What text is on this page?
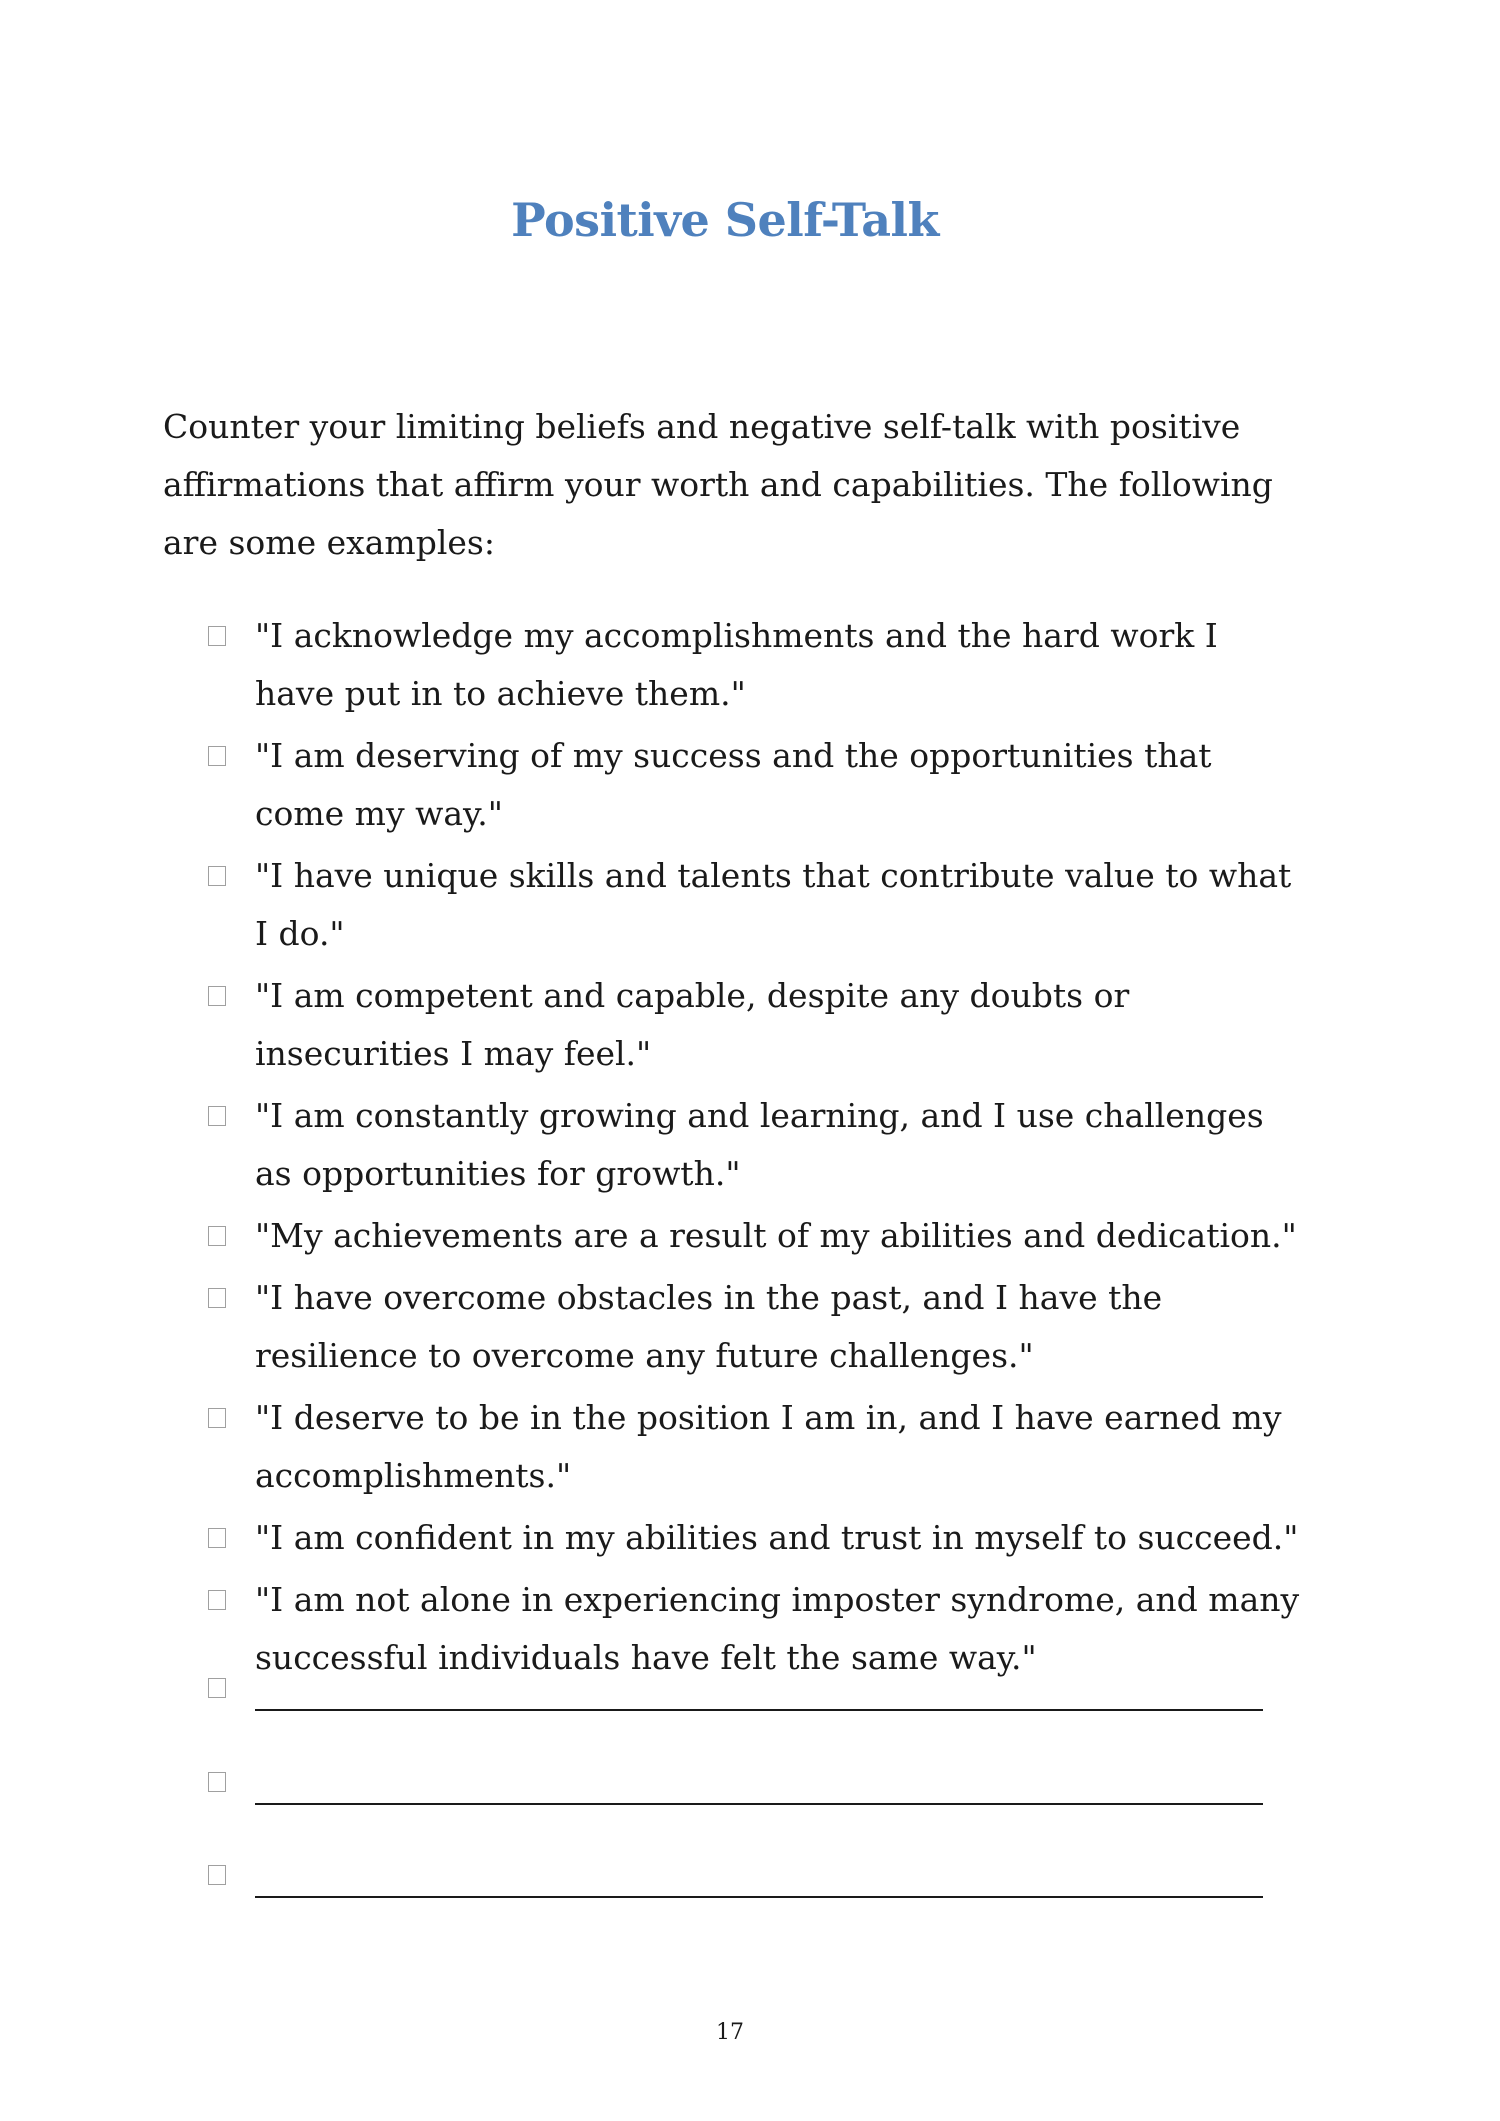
Positive Self-Talk

Counter your limiting beliefs and negative self-talk with positive affirmations that affirm your worth and capabilities. The following are some examples:

"I acknowledge my accomplishments and the hard work I have put in to achieve them."
"I am deserving of my success and the opportunities that come my way."
"I have unique skills and talents that contribute value to what I do."
"I am competent and capable, despite any doubts or insecurities I may feel."
"I am constantly growing and learning, and I use challenges as opportunities for growth."
"My achievements are a result of my abilities and dedication."
"I have overcome obstacles in the past, and I have the resilience to overcome any future challenges."
"I deserve to be in the position I am in, and I have earned my accomplishments."
"I am confident in my abilities and trust in myself to succeed."
"I am not alone in experiencing imposter syndrome, and many successful individuals have felt the same way."
17
